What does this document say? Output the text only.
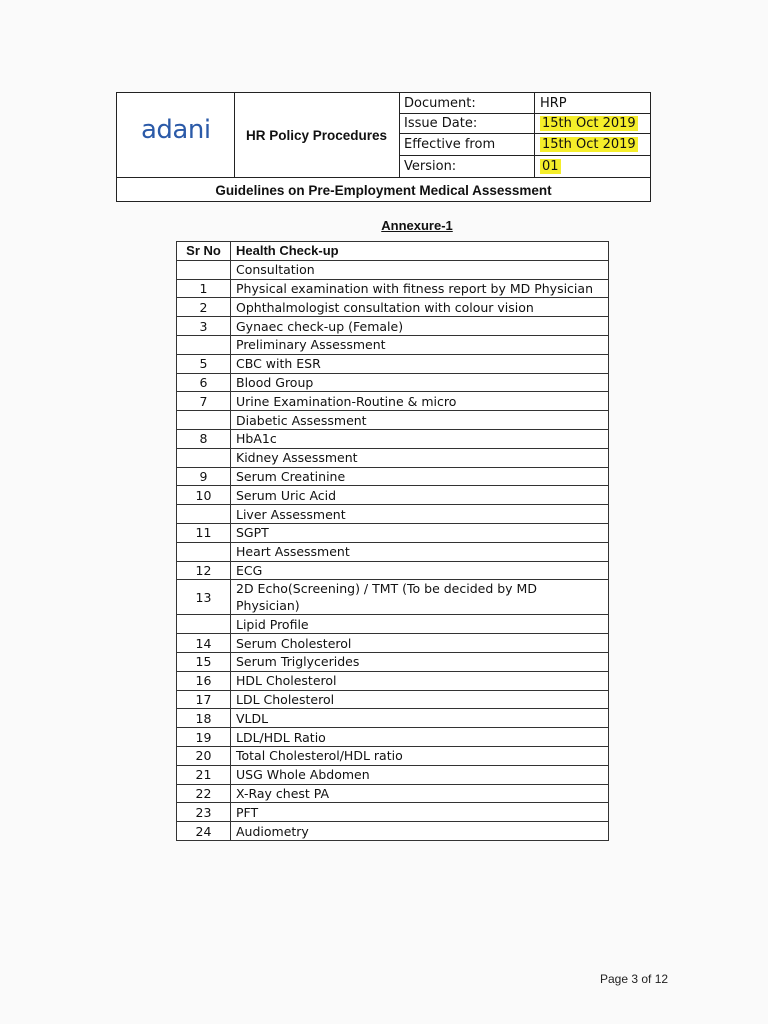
adani	HR Policy Procedures
Document:	HRP
Issue Date:	15th Oct 2019
Effective from	15th Oct 2019
Version:	01
Guidelines on Pre-Employment Medical Assessment
Annexure-1
Sr No	Health Check-up
	Consultation
1	Physical examination with fitness report by MD Physician
2	Ophthalmologist consultation with colour vision
3	Gynaec check-up (Female)
	Preliminary Assessment
5	CBC with ESR
6	Blood Group
7	Urine Examination-Routine & micro
	Diabetic Assessment
8	HbA1c
	Kidney Assessment
9	Serum Creatinine
10	Serum Uric Acid
	Liver Assessment
11	SGPT
	Heart Assessment
12	ECG
13	2D Echo(Screening) / TMT (To be decided by MD Physician)
	Lipid Profile
14	Serum Cholesterol
15	Serum Triglycerides
16	HDL Cholesterol
17	LDL Cholesterol
18	VLDL
19	LDL/HDL Ratio
20	Total Cholesterol/HDL ratio
21	USG Whole Abdomen
22	X-Ray chest PA
23	PFT
24	Audiometry
Page 3 of 12
